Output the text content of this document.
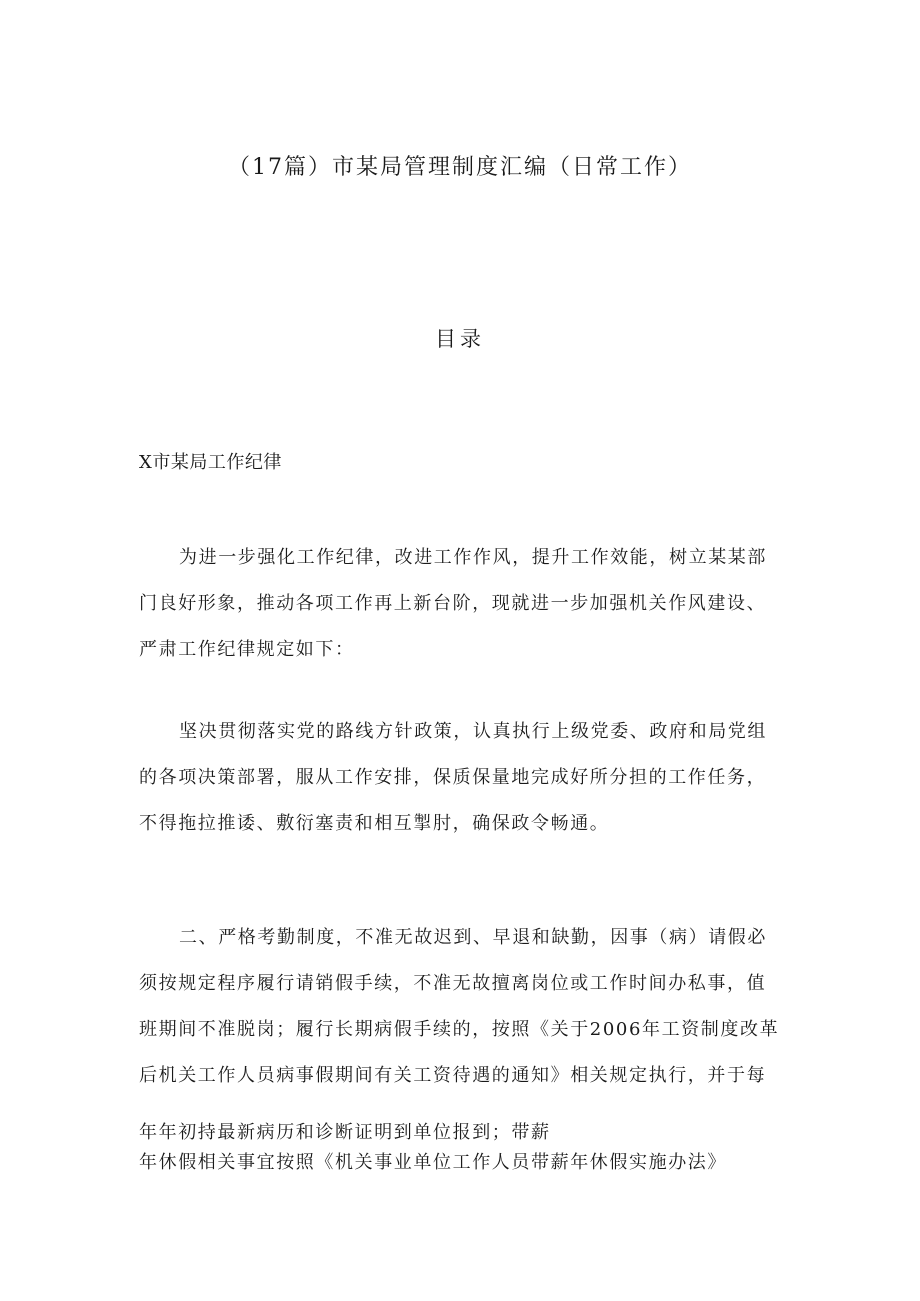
（17篇）市某局管理制度汇编（日常工作）
目录
X市某局工作纪律
为进一步强化工作纪律，改进工作作风，提升工作效能，树立某某部
门良好形象，推动各项工作再上新台阶，现就进一步加强机关作风建设、
严肃工作纪律规定如下：
坚决贯彻落实党的路线方针政策，认真执行上级党委、政府和局党组
的各项决策部署，服从工作安排，保质保量地完成好所分担的工作任务，
不得拖拉推诿、敷衍塞责和相互掣肘，确保政令畅通。
二、严格考勤制度，不准无故迟到、早退和缺勤，因事（病）请假必
须按规定程序履行请销假手续，不准无故擅离岗位或工作时间办私事，值
班期间不准脱岗；履行长期病假手续的，按照《关于2006年工资制度改革
后机关工作人员病事假期间有关工资待遇的通知》相关规定执行，并于每

年年初持最新病历和诊断证明到单位报到；带薪

年休假相关事宜按照《机关事业单位工作人员带薪年休假实施办法》
